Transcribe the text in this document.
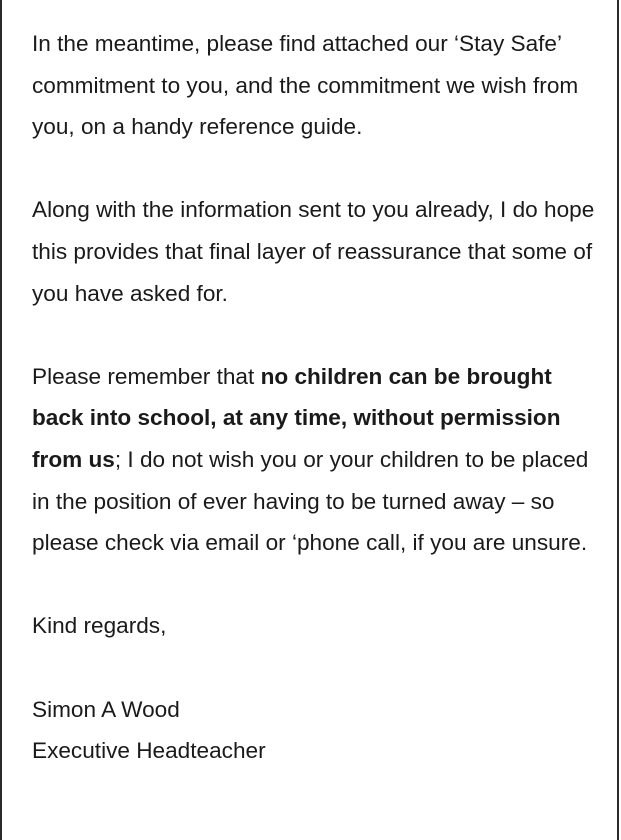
In the meantime, please find attached our ‘Stay Safe’ commitment to you, and the commitment we wish from you, on a handy reference guide.

Along with the information sent to you already, I do hope this provides that final layer of reassurance that some of you have asked for.

Please remember that no children can be brought back into school, at any time, without permission from us; I do not wish you or your children to be placed in the position of ever having to be turned away – so please check via email or ‘phone call, if you are unsure.

Kind regards,

Simon A Wood
Executive Headteacher
